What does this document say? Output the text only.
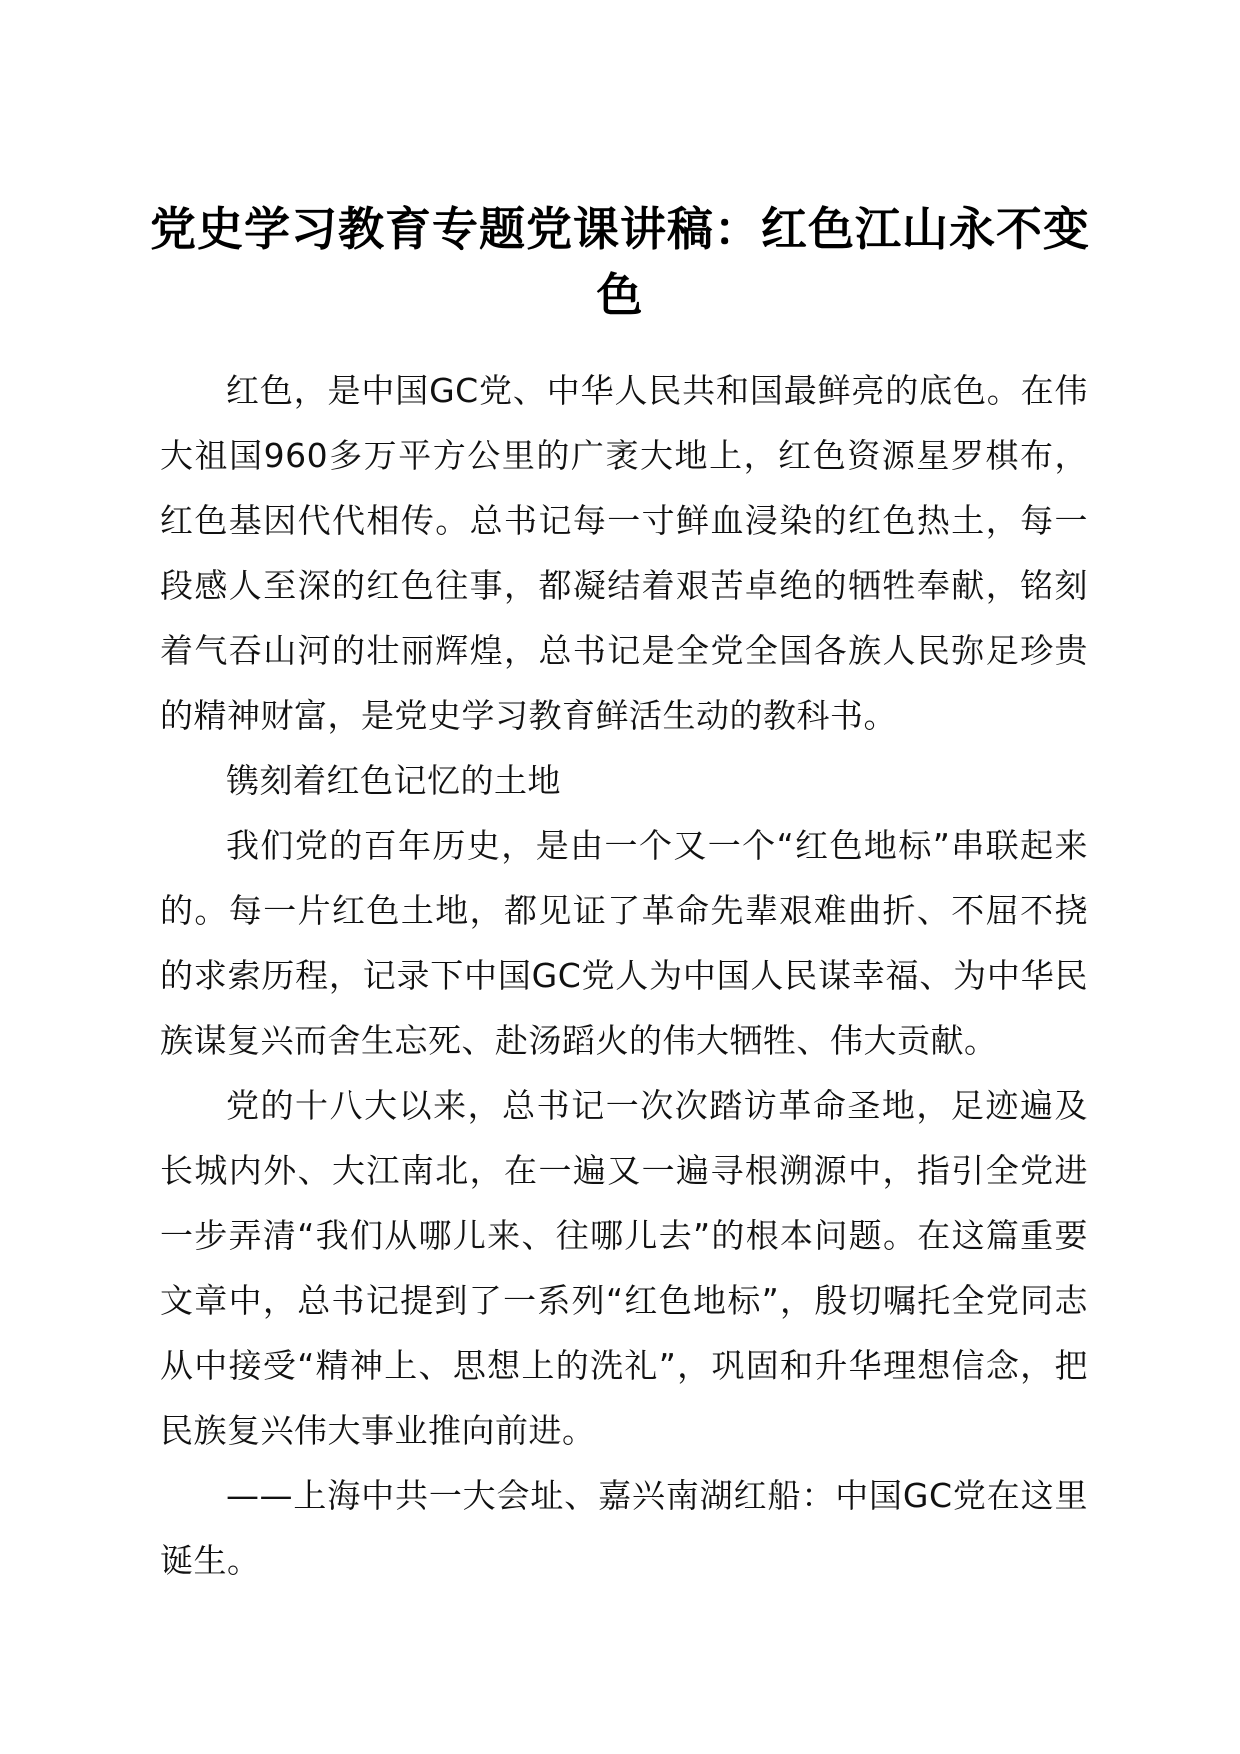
党史学习教育专题党课讲稿：红色江山永不变色

红色，是中国GC党、中华人民共和国最鲜亮的底色。在伟大祖国960多万平方公里的广袤大地上，红色资源星罗棋布，红色基因代代相传。总书记每一寸鲜血浸染的红色热土，每一段感人至深的红色往事，都凝结着艰苦卓绝的牺牲奉献，铭刻着气吞山河的壮丽辉煌，总书记是全党全国各族人民弥足珍贵的精神财富，是党史学习教育鲜活生动的教科书。

镌刻着红色记忆的土地

我们党的百年历史，是由一个又一个“红色地标”串联起来的。每一片红色土地，都见证了革命先辈艰难曲折、不屈不挠的求索历程，记录下中国GC党人为中国人民谋幸福、为中华民族谋复兴而舍生忘死、赴汤蹈火的伟大牺牲、伟大贡献。

党的十八大以来，总书记一次次踏访革命圣地，足迹遍及长城内外、大江南北，在一遍又一遍寻根溯源中，指引全党进一步弄清“我们从哪儿来、往哪儿去”的根本问题。在这篇重要文章中，总书记提到了一系列“红色地标”，殷切嘱托全党同志从中接受“精神上、思想上的洗礼”，巩固和升华理想信念，把民族复兴伟大事业推向前进。

——上海中共一大会址、嘉兴南湖红船：中国GC党在这里诞生。
